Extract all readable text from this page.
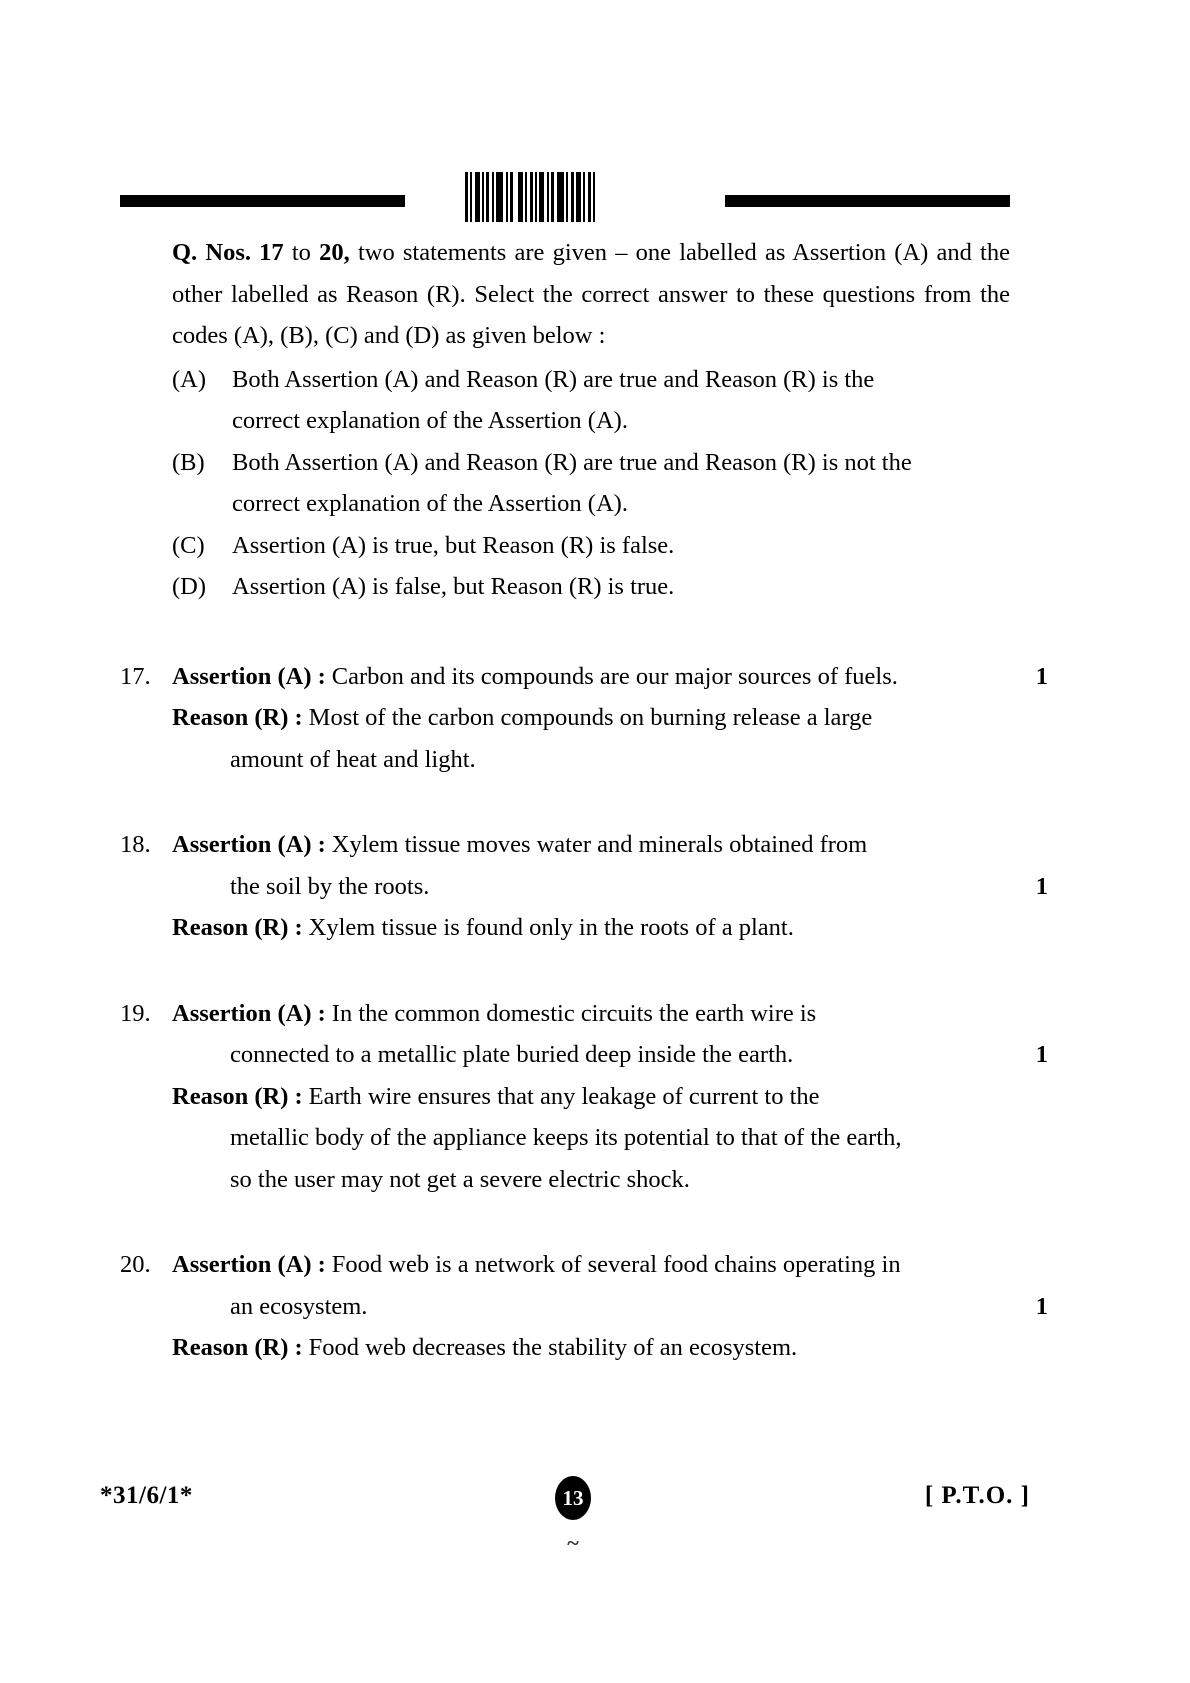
Q. Nos. 17 to 20, two statements are given – one labelled as Assertion (A) and the other labelled as Reason (R). Select the correct answer to these questions from the codes (A), (B), (C) and (D) as given below :

(A)	Both Assertion (A) and Reason (R) are true and Reason (R) is the
correct explanation of the Assertion (A).
(B)	Both Assertion (A) and Reason (R) are true and Reason (R) is not the
correct explanation of the Assertion (A).
(C)	Assertion (A) is true, but Reason (R) is false.
(D)	Assertion (A) is false, but Reason (R) is true.
17. Assertion (A) : Carbon and its compounds are our major sources of fuels.	1
Reason (R) : Most of the carbon compounds on burning release a large
amount of heat and light.
18. Assertion (A) : Xylem tissue moves water and minerals obtained from
the soil by the roots.	1
Reason (R) : Xylem tissue is found only in the roots of a plant.
19. Assertion (A) : In the common domestic circuits the earth wire is
connected to a metallic plate buried deep inside the earth.	1
Reason (R) : Earth wire ensures that any leakage of current to the
metallic body of the appliance keeps its potential to that of the earth,
so the user may not get a severe electric shock.
20. Assertion (A) : Food web is a network of several food chains operating in
an ecosystem.	1
Reason (R) : Food web decreases the stability of an ecosystem.
*31/6/1*	13
~
[ P.T.O. ]
